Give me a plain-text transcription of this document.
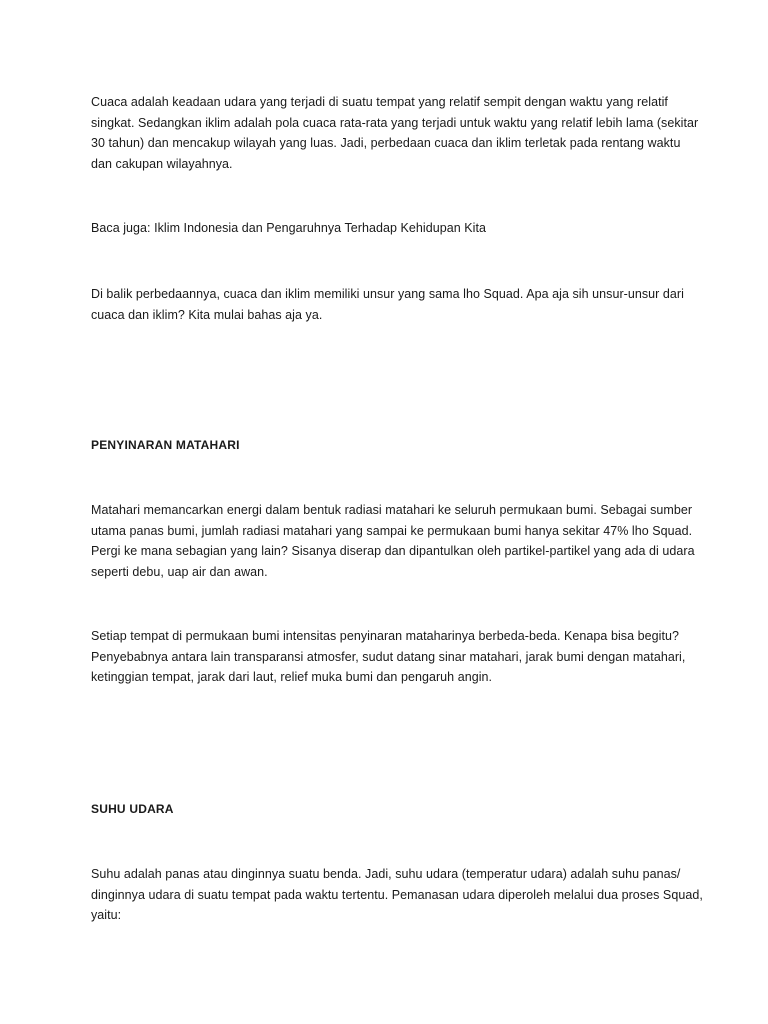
Cuaca adalah keadaan udara yang terjadi di suatu tempat yang relatif sempit dengan waktu yang relatif singkat. Sedangkan iklim adalah pola cuaca rata-rata yang terjadi untuk waktu yang relatif lebih lama (sekitar 30 tahun) dan mencakup wilayah yang luas. Jadi, perbedaan cuaca dan iklim terletak pada rentang waktu dan cakupan wilayahnya.

Baca juga: Iklim Indonesia dan Pengaruhnya Terhadap Kehidupan Kita

Di balik perbedaannya, cuaca dan iklim memiliki unsur yang sama lho Squad. Apa aja sih unsur-unsur dari cuaca dan iklim? Kita mulai bahas aja ya.

PENYINARAN MATAHARI

Matahari memancarkan energi dalam bentuk radiasi matahari ke seluruh permukaan bumi. Sebagai sumber utama panas bumi, jumlah radiasi matahari yang sampai ke permukaan bumi hanya sekitar 47% lho Squad. Pergi ke mana sebagian yang lain? Sisanya diserap dan dipantulkan oleh partikel-partikel yang ada di udara seperti debu, uap air dan awan.

Setiap tempat di permukaan bumi intensitas penyinaran mataharinya berbeda-beda. Kenapa bisa begitu? Penyebabnya antara lain transparansi atmosfer, sudut datang sinar matahari, jarak bumi dengan matahari, ketinggian tempat, jarak dari laut, relief muka bumi dan pengaruh angin.

SUHU UDARA

Suhu adalah panas atau dinginnya suatu benda. Jadi, suhu udara (temperatur udara) adalah suhu panas/ dinginnya udara di suatu tempat pada waktu tertentu. Pemanasan udara diperoleh melalui dua proses Squad, yaitu:
